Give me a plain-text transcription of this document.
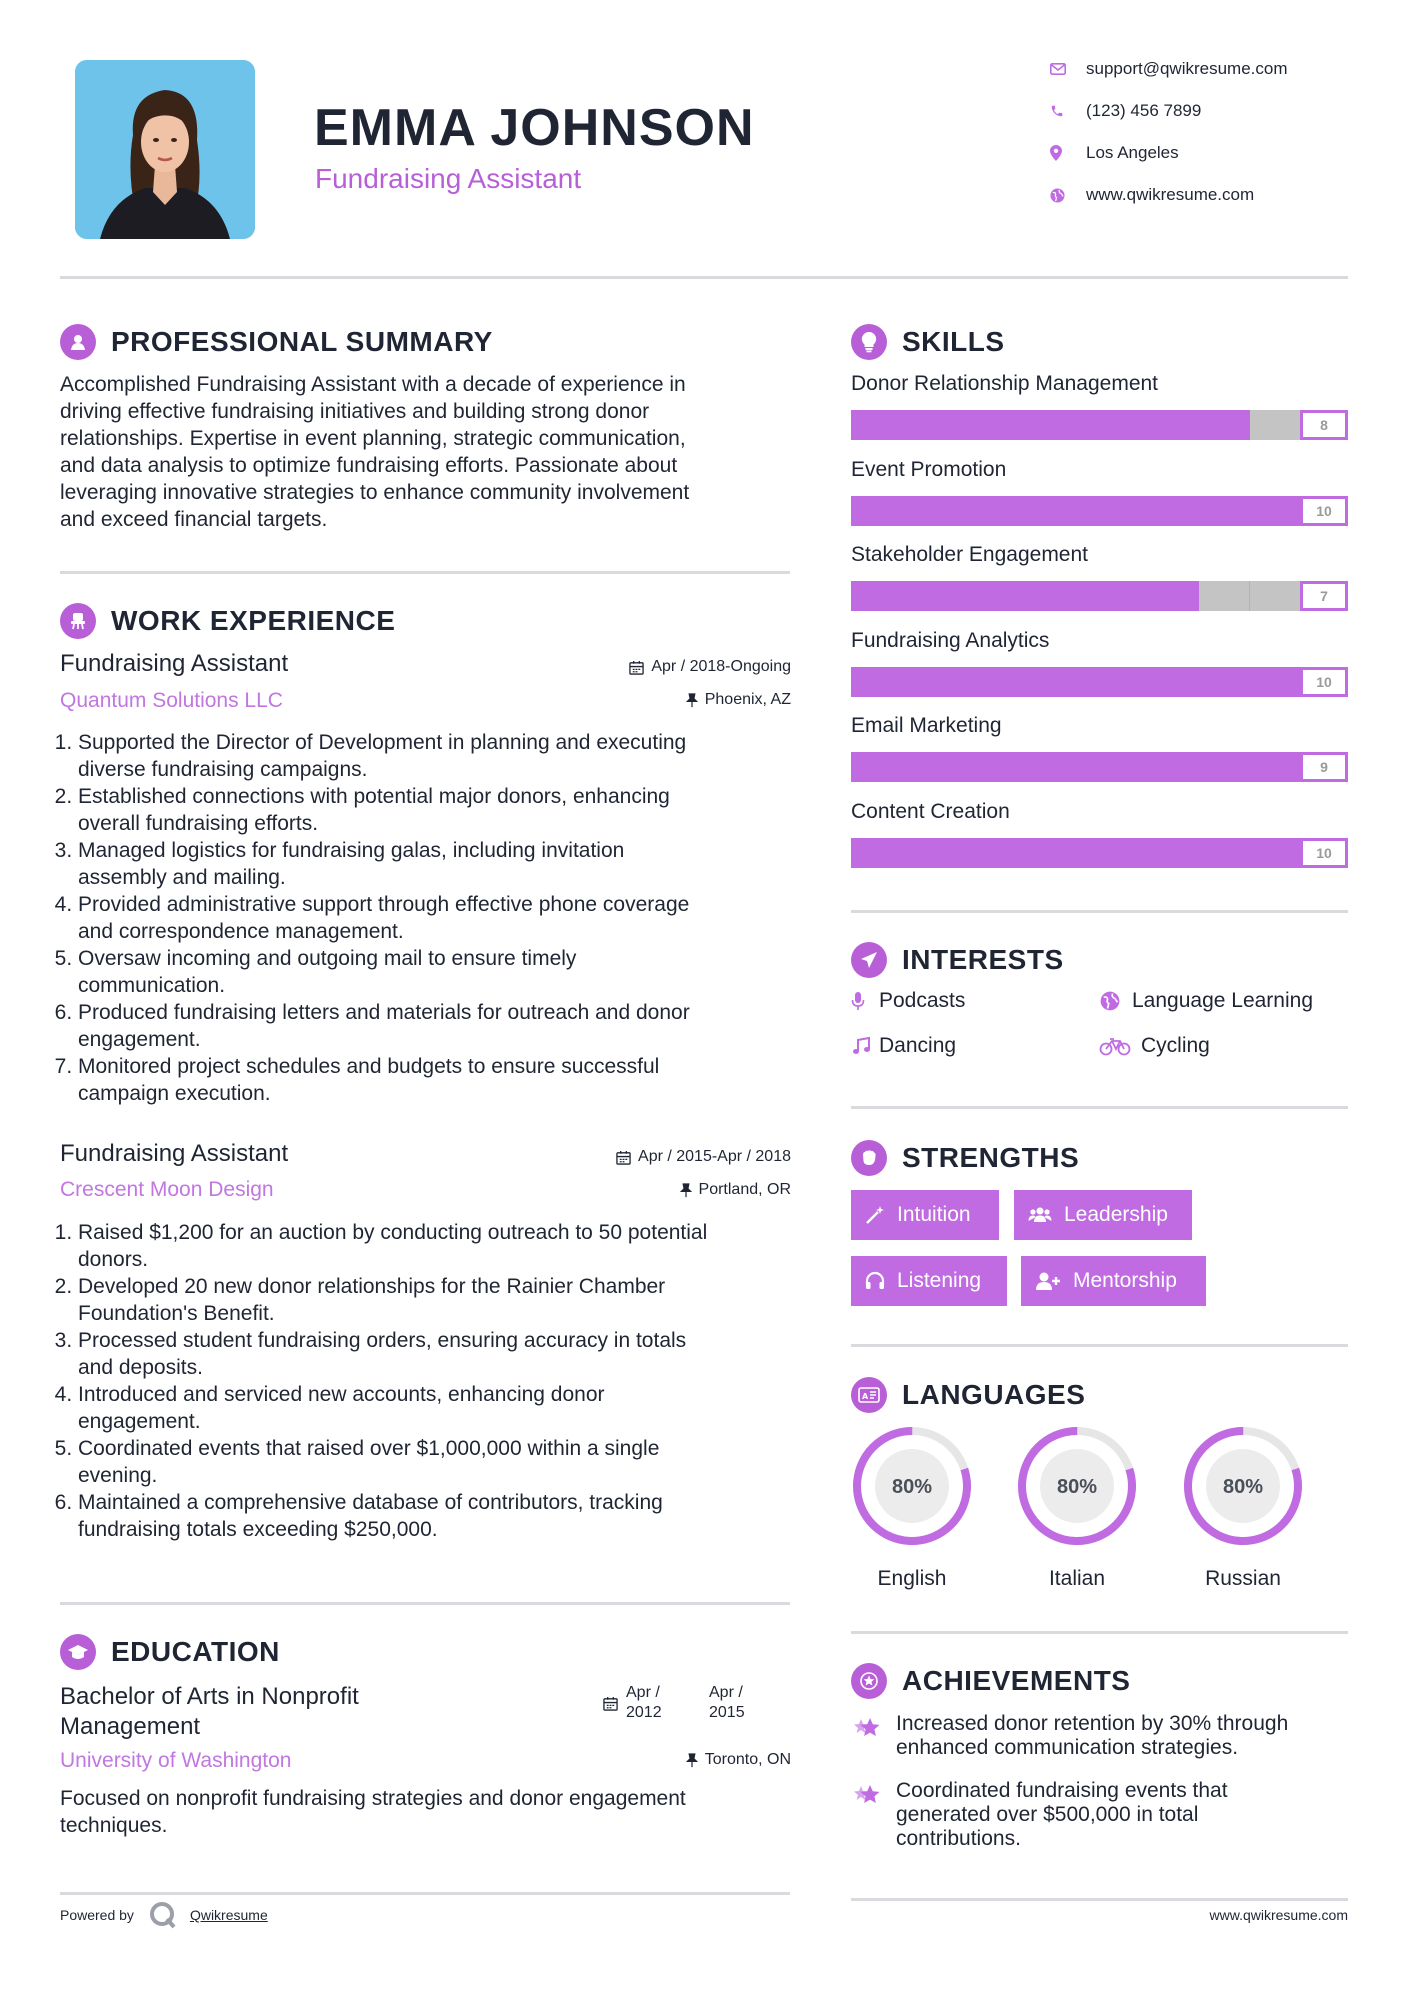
EMMA JOHNSON
Fundraising Assistant
support@qwikresume.com
(123) 456 7899
Los Angeles
www.qwikresume.com
PROFESSIONAL SUMMARY
Accomplished Fundraising Assistant with a decade of experience in
driving effective fundraising initiatives and building strong donor
relationships. Expertise in event planning, strategic communication,
and data analysis to optimize fundraising efforts. Passionate about
leveraging innovative strategies to enhance community involvement
and exceed financial targets.
WORK EXPERIENCE
Fundraising Assistant
Quantum Solutions LLC
Apr / 2018-Ongoing
Phoenix, AZ
1. Supported the Director of Development in planning and executing
diverse fundraising campaigns.
2. Established connections with potential major donors, enhancing
overall fundraising efforts.
3. Managed logistics for fundraising galas, including invitation
assembly and mailing.
4. Provided administrative support through effective phone coverage
and correspondence management.
5. Oversaw incoming and outgoing mail to ensure timely
communication.
6. Produced fundraising letters and materials for outreach and donor
engagement.
7. Monitored project schedules and budgets to ensure successful
campaign execution.
Fundraising Assistant
Crescent Moon Design
Apr / 2015-Apr / 2018
Portland, OR
1. Raised $1,200 for an auction by conducting outreach to 50 potential
donors.
2. Developed 20 new donor relationships for the Rainier Chamber
Foundation's Benefit.
3. Processed student fundraising orders, ensuring accuracy in totals
and deposits.
4. Introduced and serviced new accounts, enhancing donor
engagement.
5. Coordinated events that raised over $1,000,000 within a single
evening.
6. Maintained a comprehensive database of contributors, tracking
fundraising totals exceeding $250,000.
EDUCATION
Bachelor of Arts in Nonprofit
Management
University of Washington
Apr /
2012
Apr /
2015
Toronto, ON
Focused on nonprofit fundraising strategies and donor engagement
techniques.
Powered by	Qwikresume
SKILLS
Donor Relationship Management
8
Event Promotion
10
Stakeholder Engagement
7
Fundraising Analytics
10
Email Marketing
9
Content Creation
10
INTERESTS
Podcasts	Language Learning
Dancing	Cycling
STRENGTHS
Intuition	Leadership
Listening	Mentorship
A LANGUAGES
80%
English
80%
Italian
80%
Russian
ACHIEVEMENTS
Increased donor retention by 30% through
enhanced communication strategies.
Coordinated fundraising events that
generated over $500,000 in total
contributions.
www.qwikresume.com
